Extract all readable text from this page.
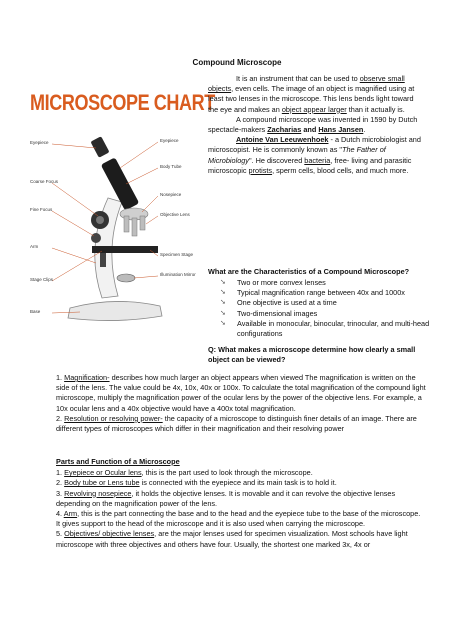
Compound Microscope
MICROSCOPE CHART
Eyepiece
Coarse Focus
Fine Focus
Arm
Stage Clips
Base
Eyepiece
Body Tube
Nosepiece
Objective Lens
Specimen Stage
Illumination Mirror

It is an instrument that can be used to observe small objects, even cells. The image of an object is magnified using at least two lenses in the microscope. This lens bends light toward the eye and makes an object appear larger than it actually is.

A compound microscope was invented in 1590 by Dutch spectacle-makers Zacharias and Hans Jansen.

Antoine Van Leeuwenhoek - a Dutch microbiologist and microscopist. He is commonly known as "The Father of Microbiology". He discovered bacteria, free- living and parasitic microscopic protists, sperm cells, blood cells, and much more.

What are the Characteristics of a Compound Microscope?
➘ Two or more convex lenses
➘ Typical magnification range between 40x and 1000x
➘ One objective is used at a time
➘ Two-dimensional images
➘ Available in monocular, binocular, trinocular, and multi-head configurations
Q: What makes a microscope determine how clearly a small object can be viewed?

1. Magnification- describes how much larger an object appears when viewed The magnification is written on the side of the lens. The value could be 4x, 10x, 40x or 100x. To calculate the total magnification of the compound light microscope, multiply the magnification power of the ocular lens by the power of the objective lens. For example, a 10x ocular lens and a 40x objective would have a 400x total magnification.

2. Resolution or resolving power- the capacity of a microscope to distinguish finer details of an image. There are different types of microscopes which differ in their magnification and their resolving power

Parts and Function of a Microscope

1. Eyepiece or Ocular lens, this is the part used to look through the microscope.

2. Body tube or Lens tube is connected with the eyepiece and its main task is to hold it.

3. Revolving nosepiece, it holds the objective lenses. It is movable and it can revolve the objective lenses depending on the magnification power of the lens.

4. Arm, this is the part connecting the base and to the head and the eyepiece tube to the base of the microscope. It gives support to the head of the microscope and it is also used when carrying the microscope.

5. Objectives/ objective lenses, are the major lenses used for specimen visualization. Most schools have light microscope with three objectives and others have four. Usually, the shortest one marked 3x, 4x or
